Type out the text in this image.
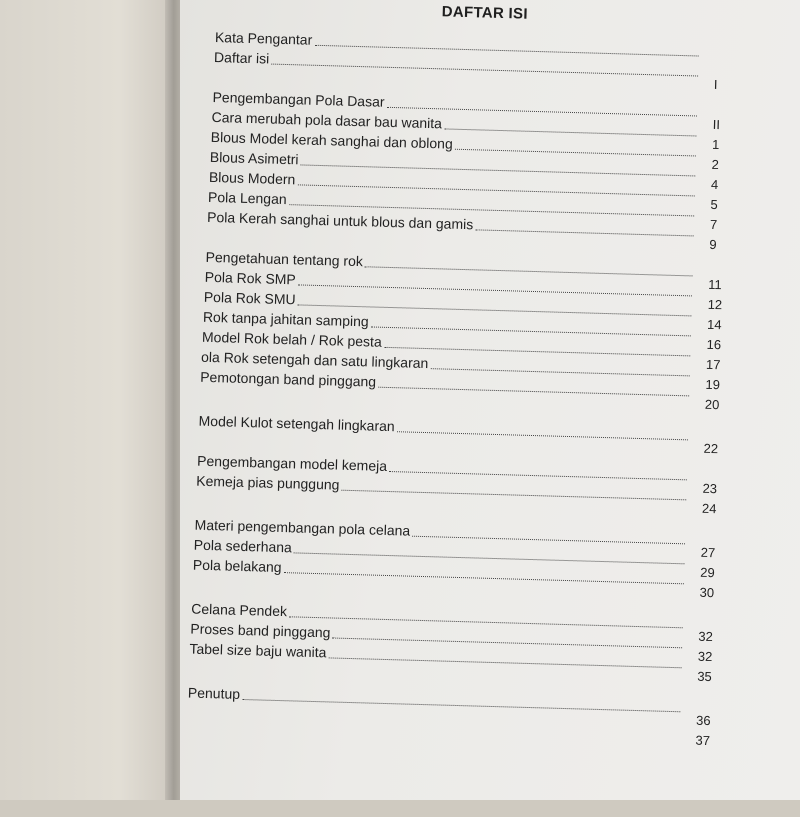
DAFTAR ISI
Kata Pengantar
Daftar isi
I
Pengembangan Pola Dasar
II
Cara merubah pola dasar bau wanita
1
Blous Model kerah sanghai dan oblong
2
Blous Asimetri
4
Blous Modern
5
Pola Lengan
7
Pola Kerah sanghai untuk blous dan gamis
9
Pengetahuan tentang rok
11
Pola Rok SMP
12
Pola Rok SMU
14
Rok tanpa jahitan samping
16
Model Rok belah / Rok pesta
17
ola Rok setengah dan satu lingkaran
19
Pemotongan band pinggang
20
Model Kulot setengah lingkaran
22
Pengembangan model kemeja
23
Kemeja pias punggung
24
Materi pengembangan pola celana
27
Pola sederhana
29
Pola belakang
30
Celana Pendek
32
Proses band pinggang
32
Tabel size baju wanita
35
Penutup
36
37
